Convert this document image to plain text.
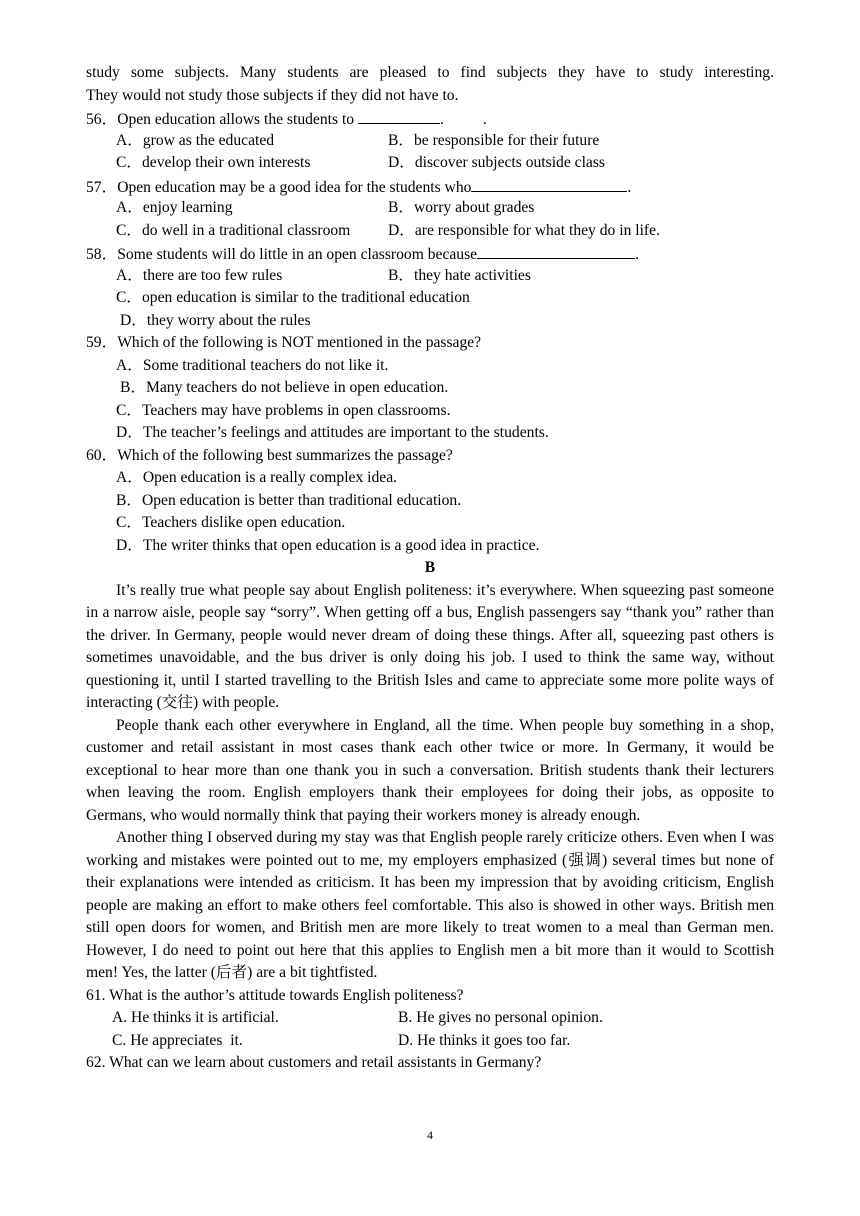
study some subjects. Many students are pleased to find subjects they have to study interesting.
They would not study those subjects if they did not have to.
56．Open education allows the students to	.          .
A．grow as the educated	B．be responsible for their future
C．develop their own interests	D．discover subjects outside class
57．Open education may be a good idea for the students who	.
A．enjoy learning	B．worry about grades
C．do well in a traditional classroom	D．are responsible for what they do in life.
58．Some students will do little in an open classroom because	.
A．there are too few rules	B．they hate activities
C．open education is similar to the traditional education
D．they worry about the rules
59．Which of the following is NOT mentioned in the passage?
A．Some traditional teachers do not like it.
B．Many teachers do not believe in open education.
C．Teachers may have problems in open classrooms.
D．The teacher’s feelings and attitudes are important to the students.
60．Which of the following best summarizes the passage?
A．Open education is a really complex idea.
B．Open education is better than traditional education.
C．Teachers dislike open education.
D．The writer thinks that open education is a good idea in practice.
B

It’s really true what people say about English politeness: it’s everywhere. When squeezing past someone in a narrow aisle, people say “sorry”. When getting off a bus, English passengers say “thank you” rather than the driver. In Germany, people would never dream of doing these things. After all, squeezing past others is sometimes unavoidable, and the bus driver is only doing his job. I used to think the same way, without questioning it, until I started travelling to the British Isles and came to appreciate some more polite ways of interacting (交往) with people.

People thank each other everywhere in England, all the time. When people buy something in a shop, customer and retail assistant in most cases thank each other twice or more. In Germany, it would be exceptional to hear more than one thank you in such a conversation. British students thank their lecturers when leaving the room. English employers thank their employees for doing their jobs, as opposite to Germans, who would normally think that paying their workers money is already enough.

Another thing I observed during my stay was that English people rarely criticize others. Even when I was working and mistakes were pointed out to me, my employers emphasized (强调) several times but none of their explanations were intended as criticism. It has been my impression that by avoiding criticism, English people are making an effort to make others feel comfortable. This also is showed in other ways. British men still open doors for women, and British men are more likely to treat women to a meal than German men. However, I do need to point out here that this applies to English men a bit more than it would to Scottish men! Yes, the latter (后者) are a bit tightfisted.

61. What is the author’s attitude towards English politeness?
A. He thinks it is artificial.	B. He gives no personal opinion.
C. He appreciates  it.	D. He thinks it goes too far.
62. What can we learn about customers and retail assistants in Germany?
4
